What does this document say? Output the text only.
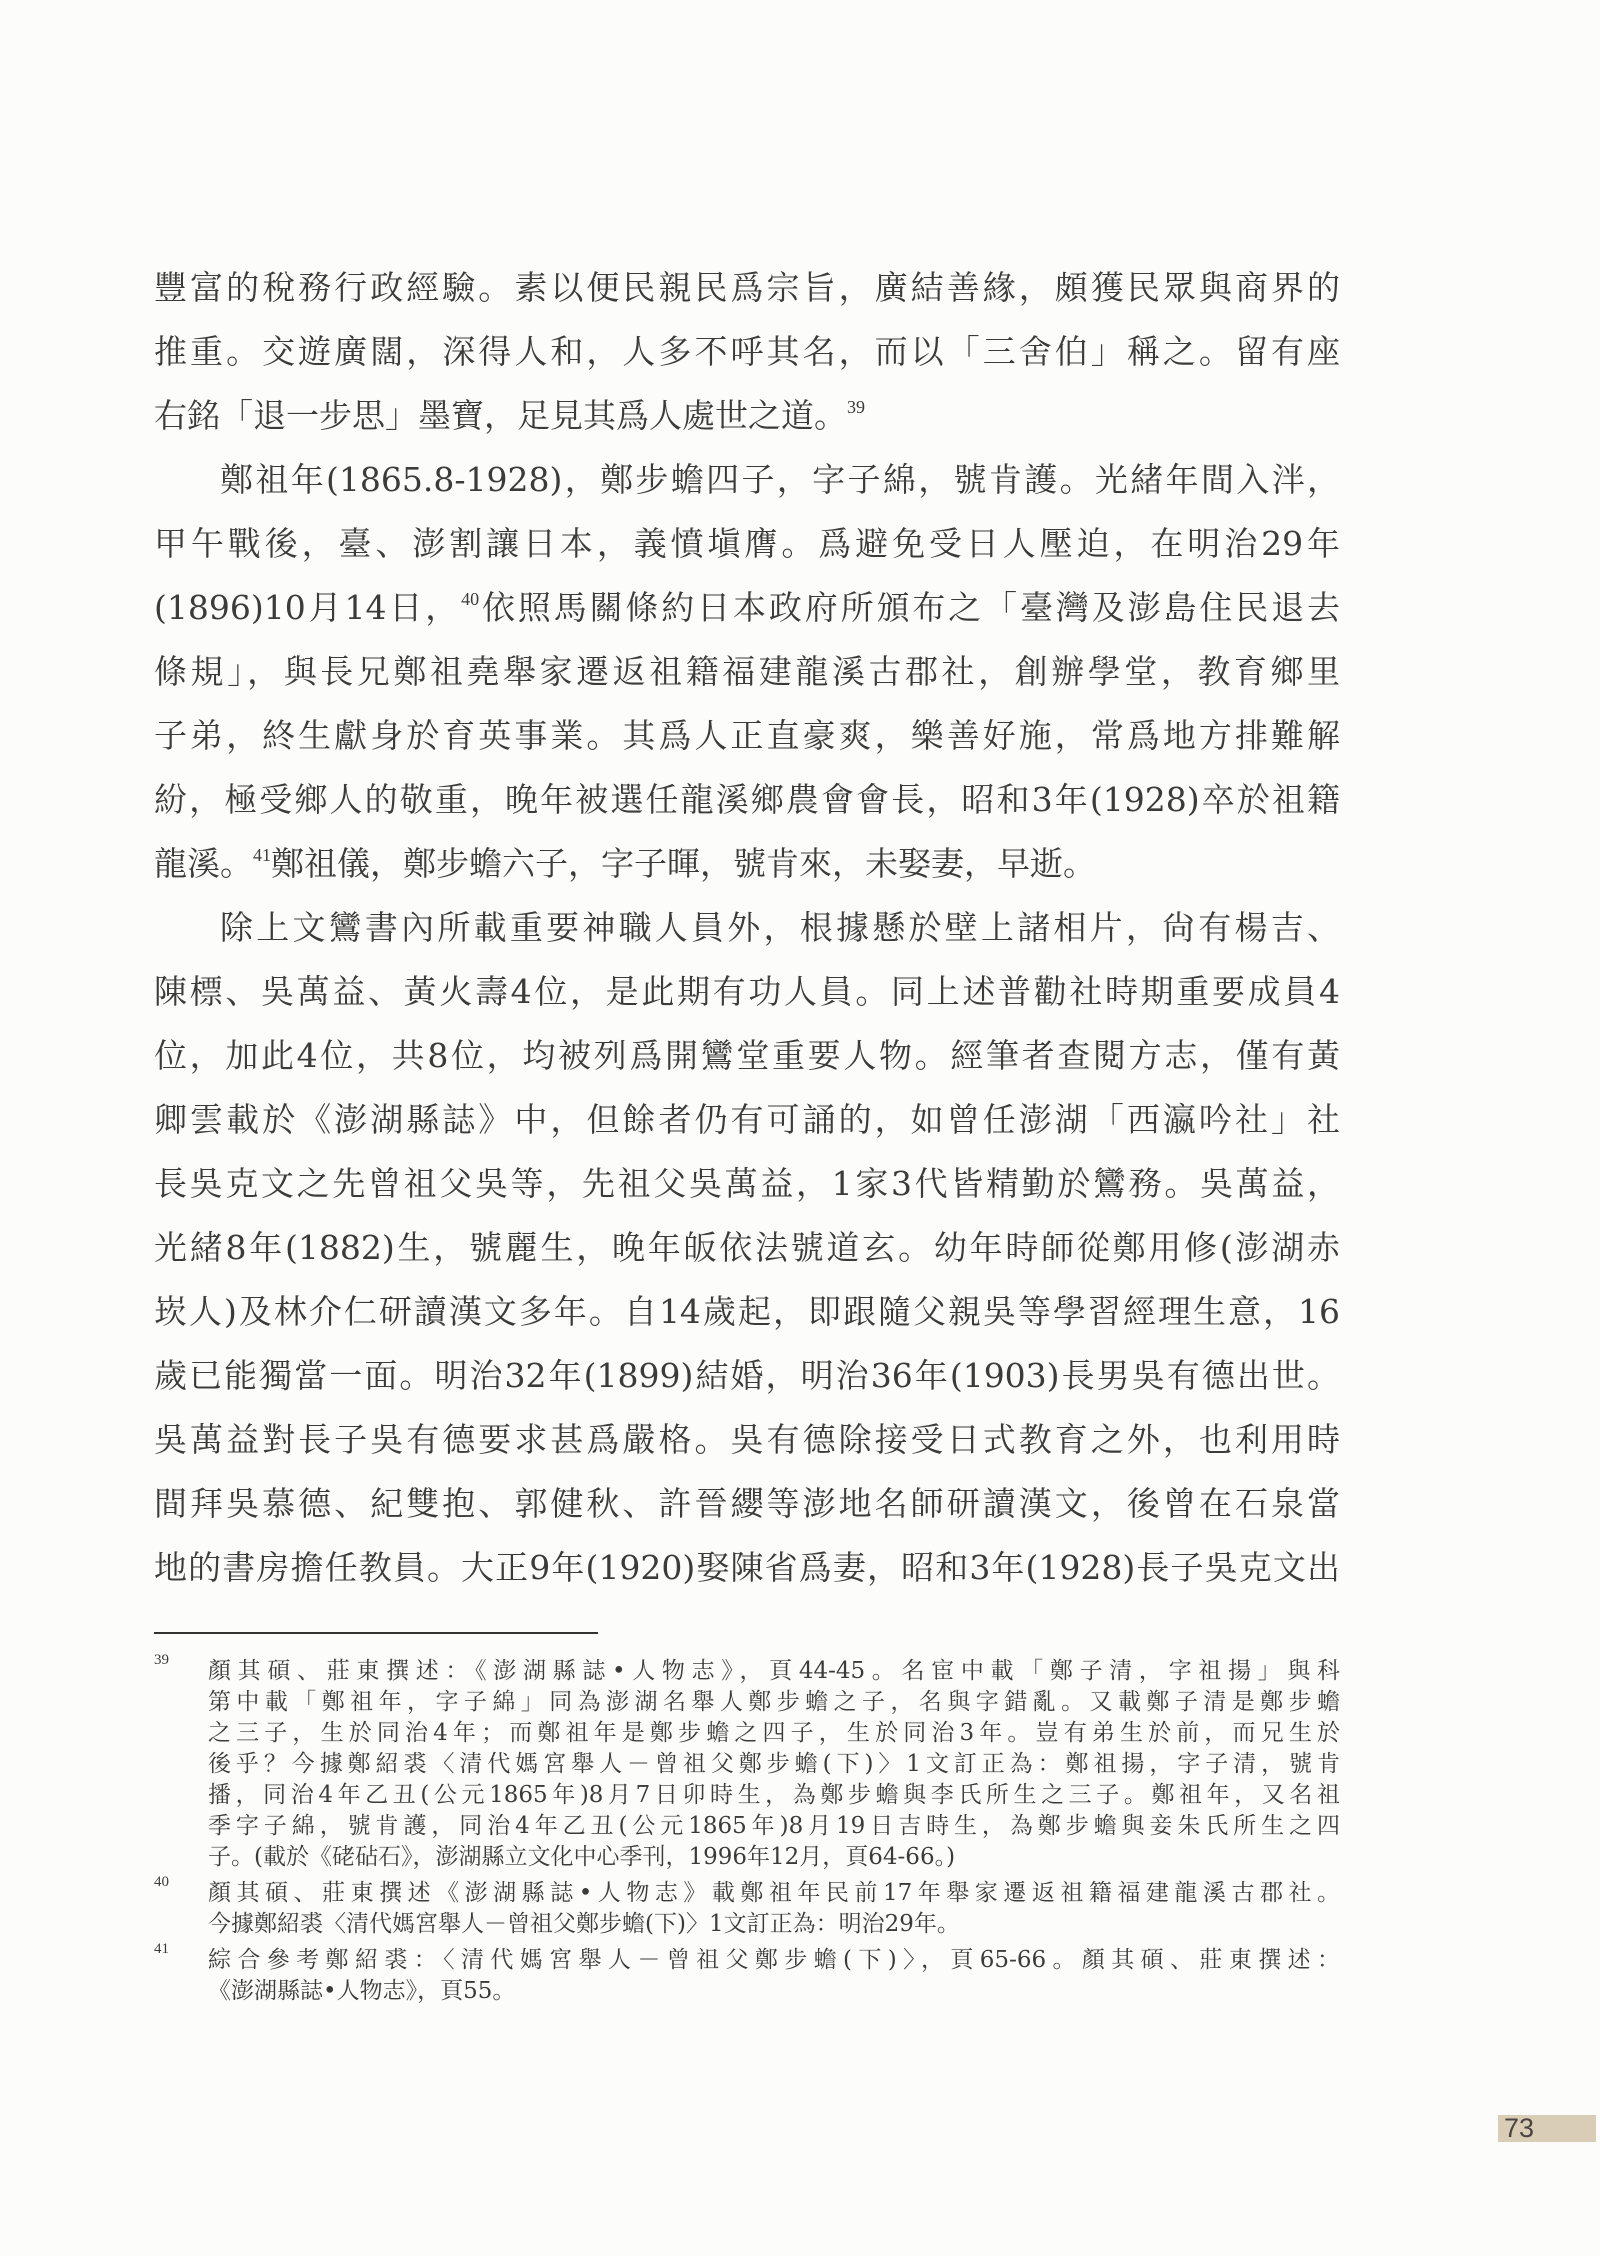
豐富的稅務行政經驗。素以便民親民爲宗旨，廣結善緣，頗獲民眾與商界的
推重。交遊廣闊，深得人和，人多不呼其名，而以「三舍伯」稱之。留有座
右銘「退一步思」墨寶，足見其爲人處世之道。$^{39}$
鄭祖年(1865.8-1928)，鄭步蟾四子，字子綿，號肯護。光緒年間入泮，
甲午戰後，臺、澎割讓日本，義憤塡膺。爲避免受日人壓迫，在明治29年
(1896)10月14日，$^{40}$依照馬關條約日本政府所頒布之「臺灣及澎島住民退去
條規」，與長兄鄭祖堯舉家遷返祖籍福建龍溪古郡社，創辦學堂，教育鄉里
子弟，終生獻身於育英事業。其爲人正直豪爽，樂善好施，常爲地方排難解
紛，極受鄉人的敬重，晚年被選任龍溪鄉農會會長，昭和3年(1928)卒於祖籍
龍溪。$^{41}$鄭祖儀，鄭步蟾六子，字子暉，號肯來，未娶妻，早逝。
除上文鸞書內所載重要神職人員外，根據懸於壁上諸相片，尙有楊吉、
陳標、吳萬益、黃火壽4位，是此期有功人員。同上述普勸社時期重要成員4
位，加此4位，共8位，均被列爲開鸞堂重要人物。經筆者查閱方志，僅有黃
卿雲載於《澎湖縣誌》中，但餘者仍有可誦的，如曾任澎湖「西瀛吟社」社
長吳克文之先曾祖父吳等，先祖父吳萬益，1家3代皆精勤於鸞務。吳萬益，
光緒8年(1882)生，號麗生，晚年皈依法號道玄。幼年時師從鄭用修(澎湖赤
崁人)及林介仁研讀漢文多年。自14歲起，即跟隨父親吳等學習經理生意，16
歲已能獨當一面。明治32年(1899)結婚，明治36年(1903)長男吳有德出世。
吳萬益對長子吳有德要求甚爲嚴格。吳有德除接受日式教育之外，也利用時
間拜吳慕德、紀雙抱、郭健秋、許晉纓等澎地名師研讀漢文，後曾在石泉當
地的書房擔任教員。大正9年(1920)娶陳省爲妻，昭和3年(1928)長子吳克文出
39 顏其碩、莊東撰述：《澎湖縣誌•人物志》，頁44-45。名宦中載「鄭子清，字祖揚」與科
第中載「鄭祖年，字子綿」同為澎湖名舉人鄭步蟾之子，名與字錯亂。又載鄭子清是鄭步蟾
之三子，生於同治4年；而鄭祖年是鄭步蟾之四子，生於同治3年。豈有弟生於前，而兄生於
後乎？今據鄭紹裘〈清代媽宮舉人－曾祖父鄭步蟾(下)〉1文訂正為：鄭祖揚，字子清，號肯
播，同治4年乙丑(公元1865年)8月7日卯時生，為鄭步蟾與李氏所生之三子。鄭祖年，又名祖
季字子綿，號肯護，同治4年乙丑(公元1865年)8月19日吉時生，為鄭步蟾與妾朱氏所生之四
子。(載於《硓砧石》，澎湖縣立文化中心季刊，1996年12月，頁64-66。)
40 顏其碩、莊東撰述《澎湖縣誌•人物志》載鄭祖年民前17年舉家遷返祖籍福建龍溪古郡社。
今據鄭紹裘〈清代媽宮舉人－曾祖父鄭步蟾(下)〉1文訂正為：明治29年。
41 綜合參考鄭紹裘：〈清代媽宮舉人－曾祖父鄭步蟾(下)〉，頁65-66。顏其碩、莊東撰述：
《澎湖縣誌•人物志》，頁55。
73
